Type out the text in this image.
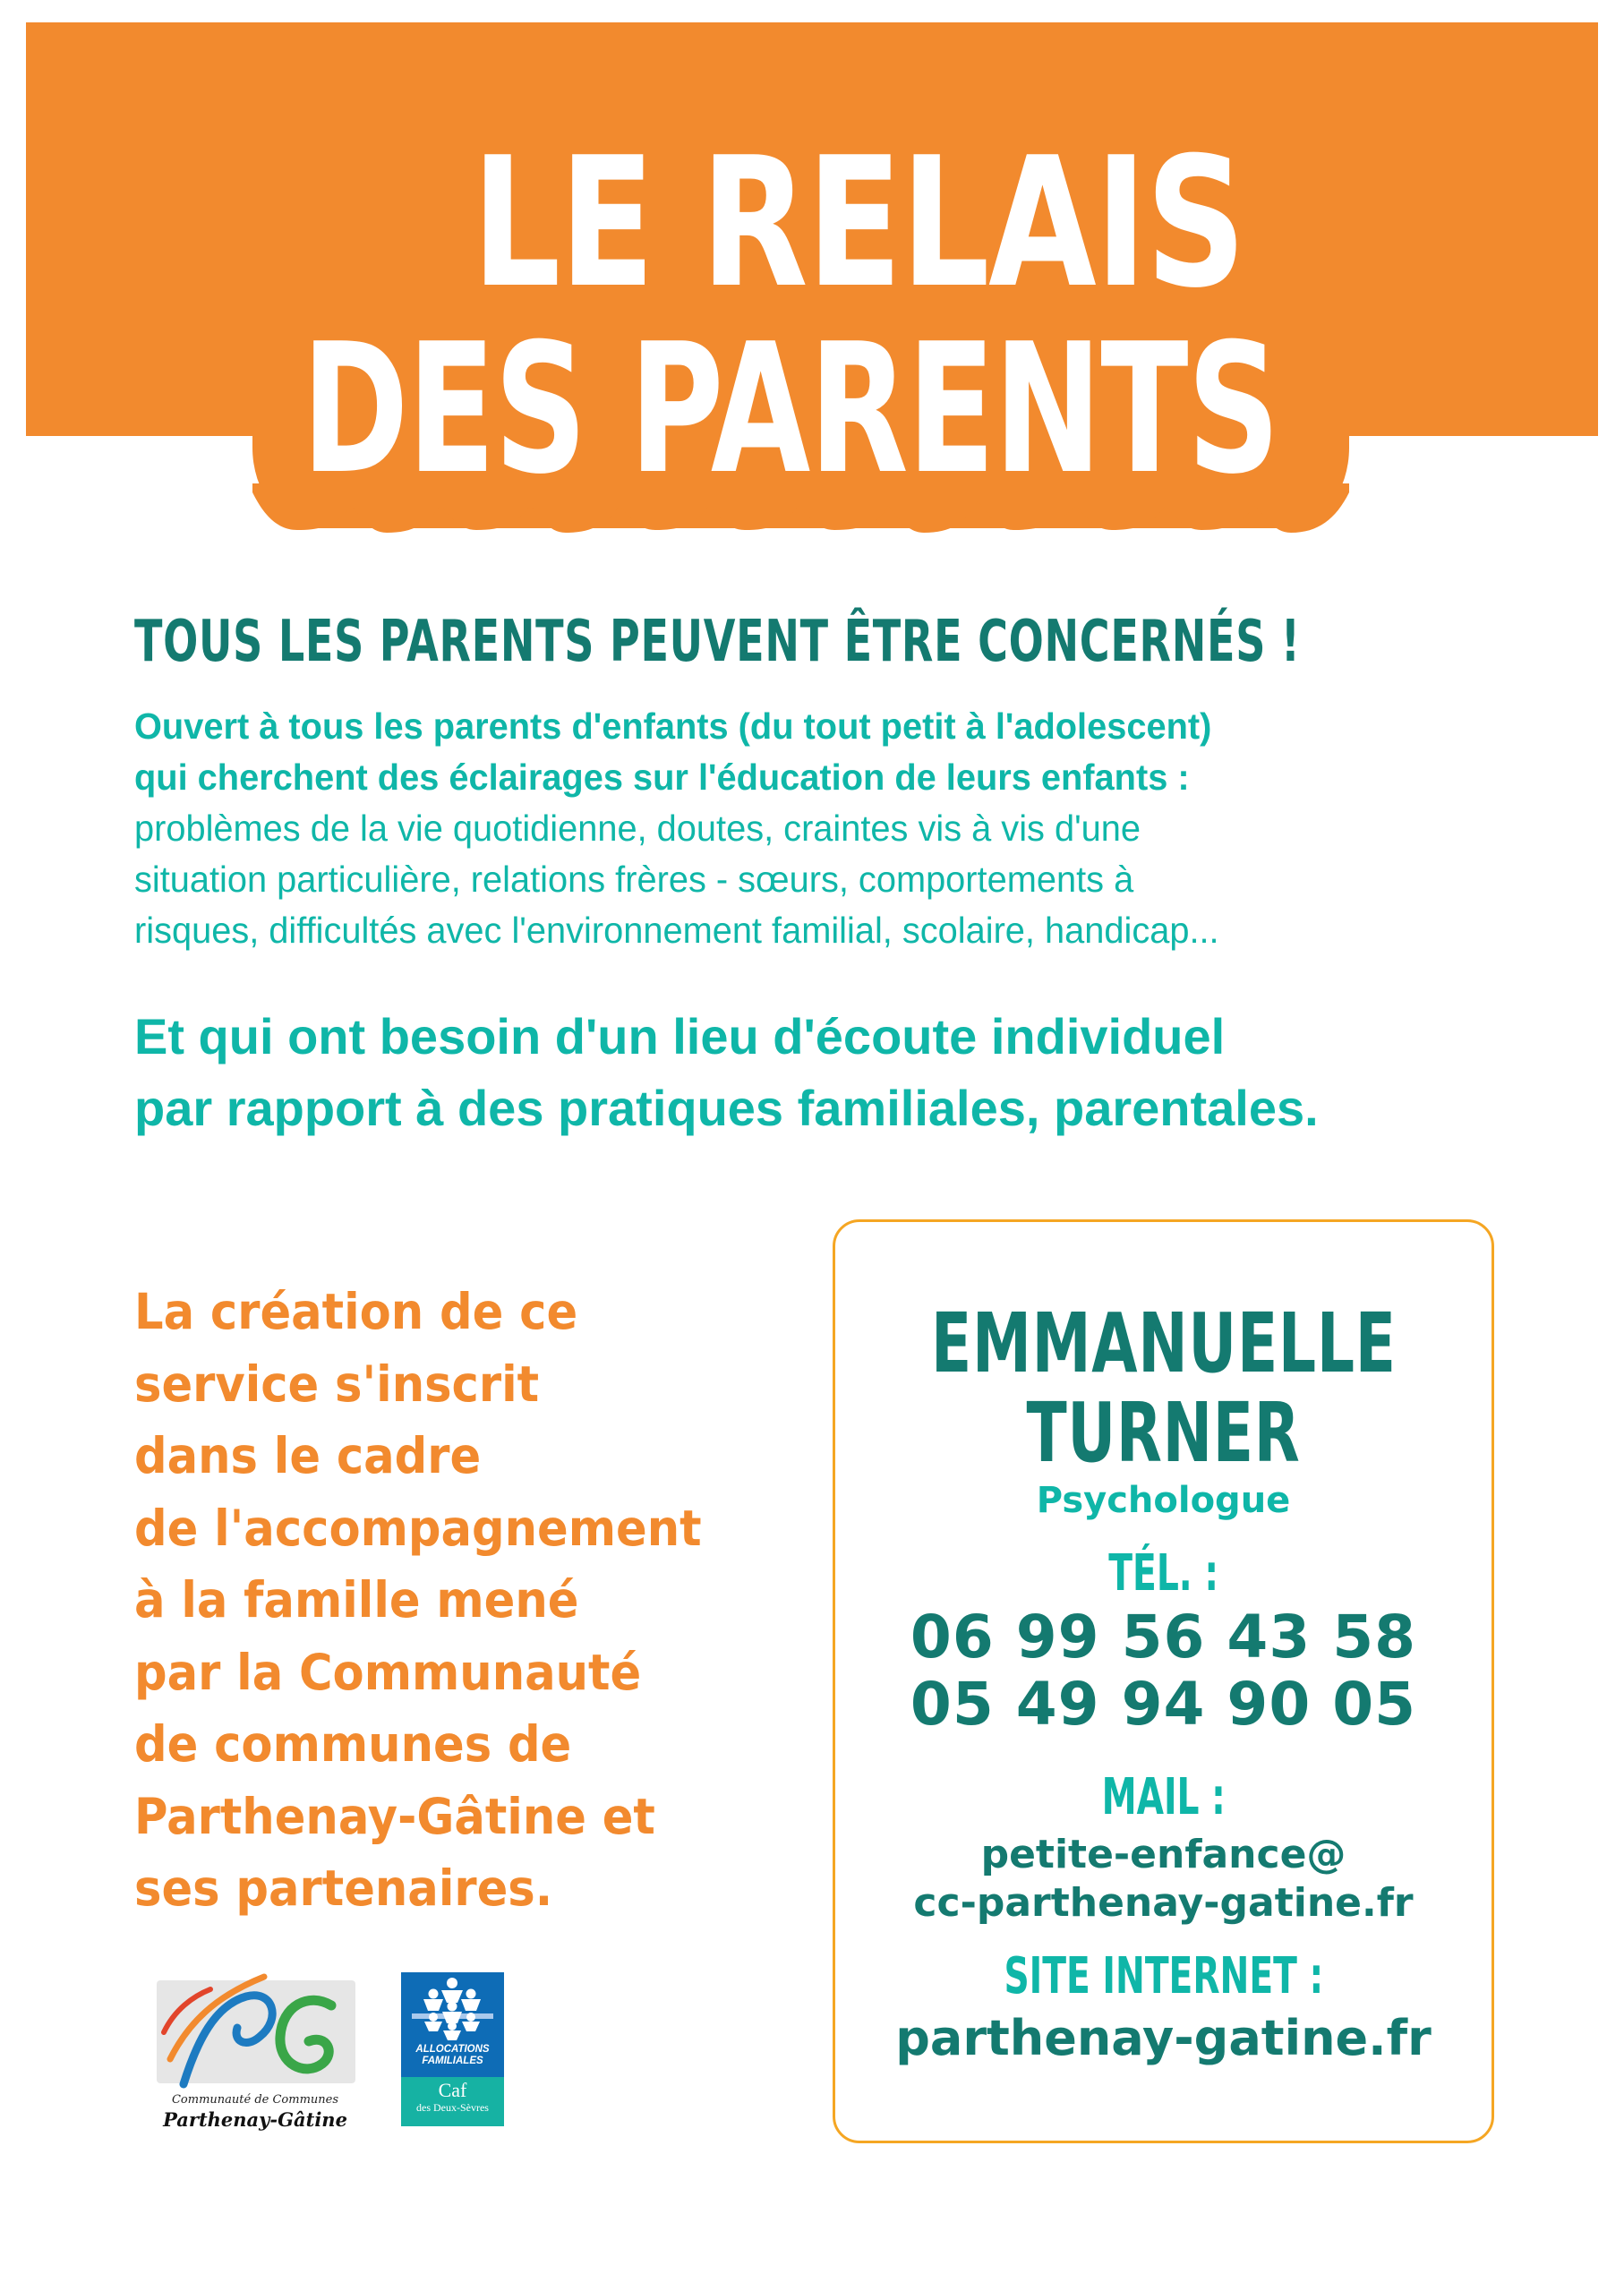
LE RELAIS
DES PARENTS
TOUS LES PARENTS PEUVENT ÊTRE CONCERNÉS !
Ouvert à tous les parents d'enfants (du tout petit à l'adolescent)
qui cherchent des éclairages sur l'éducation de leurs enfants :
problèmes de la vie quotidienne, doutes, craintes vis à vis d'une
situation particulière, relations frères - sœurs, comportements à
risques, difficultés avec l'environnement familial, scolaire, handicap...
Et qui ont besoin d'un lieu d'écoute individuel
par rapport à des pratiques familiales, parentales.
La création de ce
service s'inscrit
dans le cadre
de l'accompagnement
à la famille mené
par la Communauté
de communes de
Parthenay-Gâtine et
ses partenaires.
EMMANUELLE
TURNER
Psychologue
TÉL. :
06 99 56 43 58
05 49 94 90 05
MAIL :
petite-enfance@
cc-parthenay-gatine.fr
SITE INTERNET :
parthenay-gatine.fr
Communauté de Communes
Parthenay-Gâtine
ALLOCATIONS
FAMILIALES
Caf
des Deux-Sèvres
